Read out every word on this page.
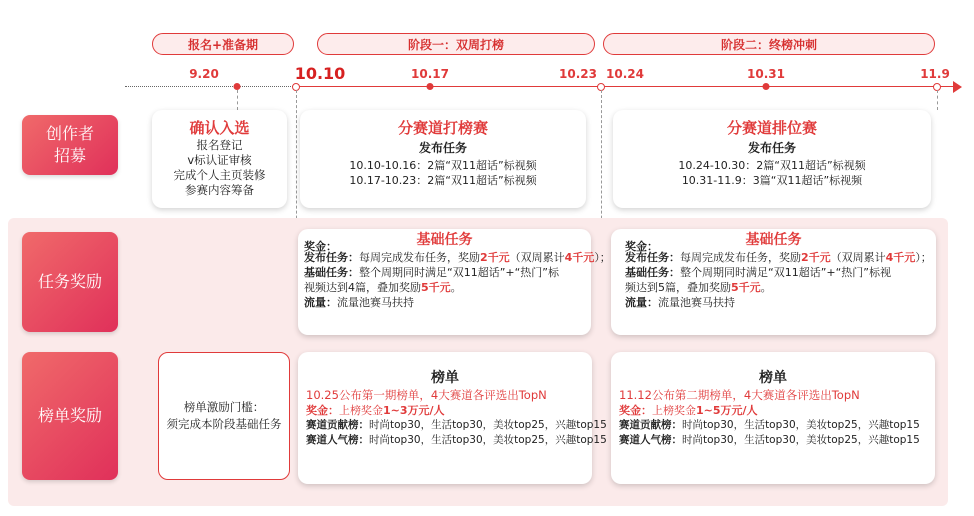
报名+准备期	阶段一：双周打榜	阶段二：终榜冲刺
9.20	10.10	10.17	10.23 10.24	10.31	11.9
创作者
招募
任务奖励
榜单奖励
确认入选
报名登记
v标认证审核
完成个人主页装修
参赛内容筹备
分赛道打榜赛
发布任务
10.10-10.16：2篇“双11超话”标视频
10.17-10.23：2篇“双11超话”标视频
分赛道排位赛
发布任务
10.24-10.30：2篇“双11超话”标视频
10.31-11.9：3篇“双11超话”标视频
基础任务
奖金：
发布任务：每周完成发布任务，奖励2千元（双周累计4千元）；
基础任务：整个周期同时满足“双11超话”+“热门”标
视频达到4篇，叠加奖励5千元。
流量：流量池赛马扶持
基础任务
奖金：
发布任务：每周完成发布任务，奖励2千元（双周累计4千元）；
基础任务：整个周期同时满足“双11超话”+“热门”标视
频达到5篇，叠加奖励5千元。
流量：流量池赛马扶持
榜单激励门槛：
须完成本阶段基础任务
榜单
10.25公布第一期榜单，4大赛道各评选出TopN
奖金：上榜奖金1~3万元/人
赛道贡献榜：时尚top30，生活top30，美妆top25，兴趣top15
赛道人气榜：时尚top30，生活top30，美妆top25，兴趣top15
榜单
11.12公布第二期榜单，4大赛道各评选出TopN
奖金：上榜奖金1~5万元/人
赛道贡献榜：时尚top30，生活top30，美妆top25，兴趣top15
赛道人气榜：时尚top30，生活top30，美妆top25，兴趣top15
